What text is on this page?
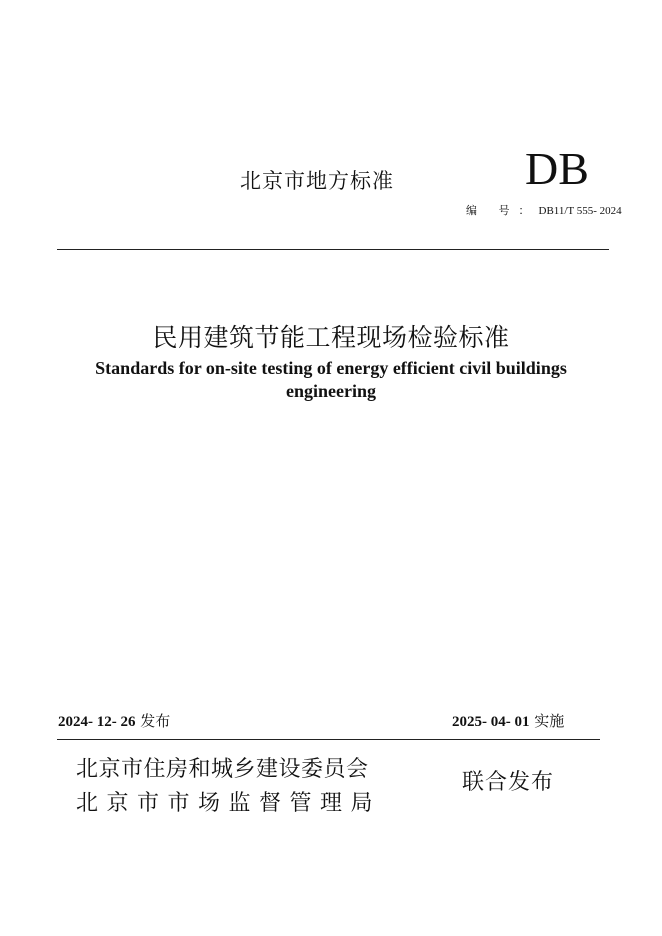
北京市地方标准	DB
编 号：DB11/T 555- 2024
民用建筑节能工程现场检验标准
Standards for on-site testing of energy efficient civil buildings engineering
2024- 12- 26 发布	2025- 04- 01 实施
北京市住房和城乡建设委员会
北京市市场监督管理局
联合发布
